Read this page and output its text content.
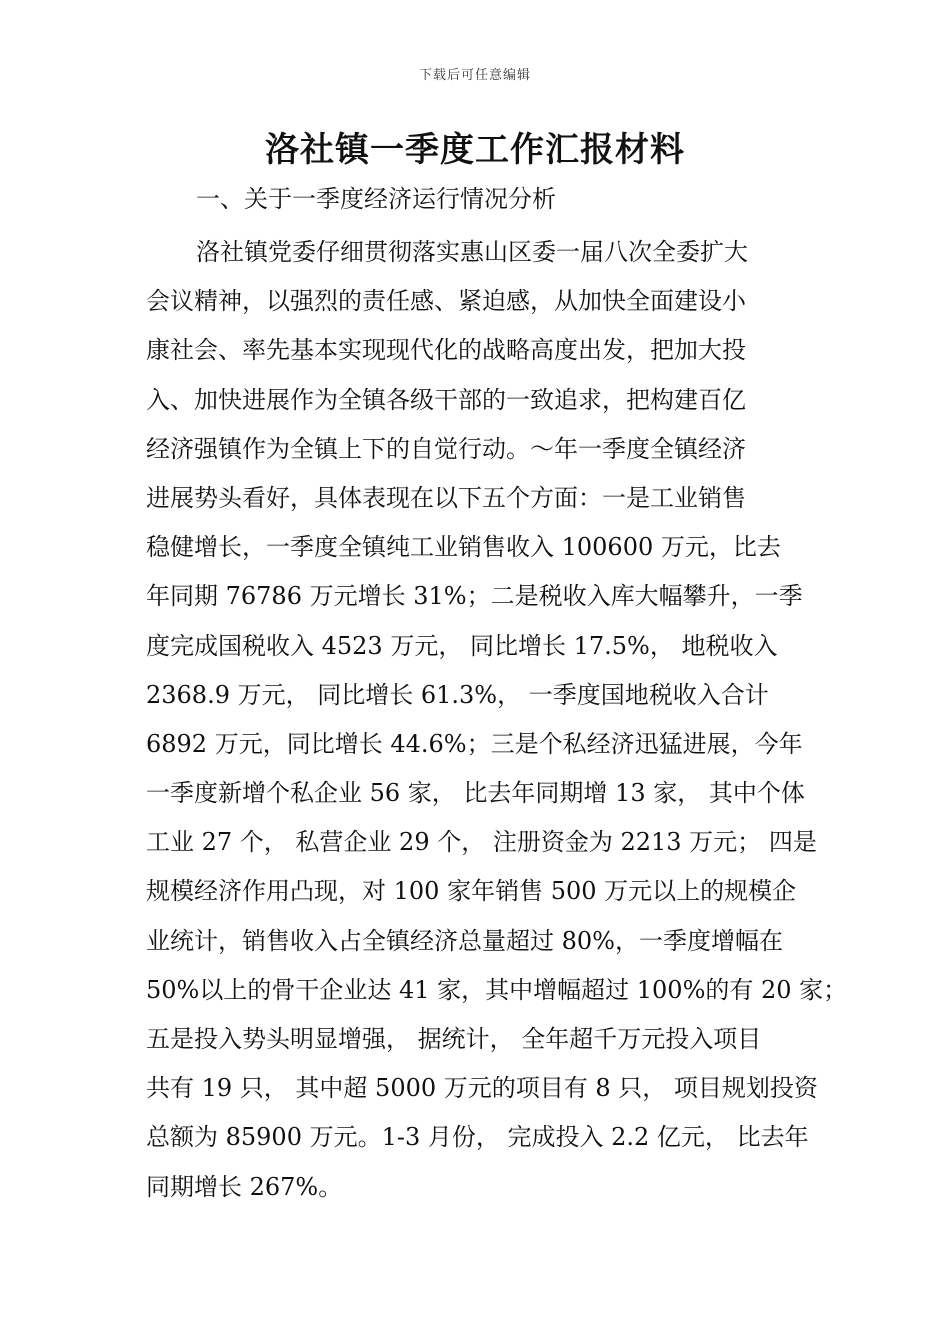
下载后可任意编辑
洛社镇一季度工作汇报材料
一、关于一季度经济运行情况分析
洛社镇党委仔细贯彻落实惠山区委一届八次全委扩大
会议精神，以强烈的责任感、紧迫感，从加快全面建设小
康社会、率先基本实现现代化的战略高度出发，把加大投
入、加快进展作为全镇各级干部的一致追求，把构建百亿
经济强镇作为全镇上下的自觉行动。～年一季度全镇经济
进展势头看好，具体表现在以下五个方面：一是工业销售
稳健增长，一季度全镇纯工业销售收入 100600 万元，比去
年同期 76786 万元增长 31%；二是税收入库大幅攀升，一季
度完成国税收入 4523 万元， 同比增长 17.5%， 地税收入
2368.9 万元， 同比增长 61.3%， 一季度国地税收入合计
6892 万元，同比增长 44.6%；三是个私经济迅猛进展，今年
一季度新增个私企业 56 家， 比去年同期增 13 家， 其中个体
工业 27 个， 私营企业 29 个， 注册资金为 2213 万元； 四是
规模经济作用凸现，对 100 家年销售 500 万元以上的规模企
业统计，销售收入占全镇经济总量超过 80%，一季度增幅在
50%以上的骨干企业达 41 家，其中增幅超过 100%的有 20 家；
五是投入势头明显增强， 据统计， 全年超千万元投入项目
共有 19 只， 其中超 5000 万元的项目有 8 只， 项目规划投资
总额为 85900 万元。1-3 月份， 完成投入 2.2 亿元， 比去年
同期增长 267%。
